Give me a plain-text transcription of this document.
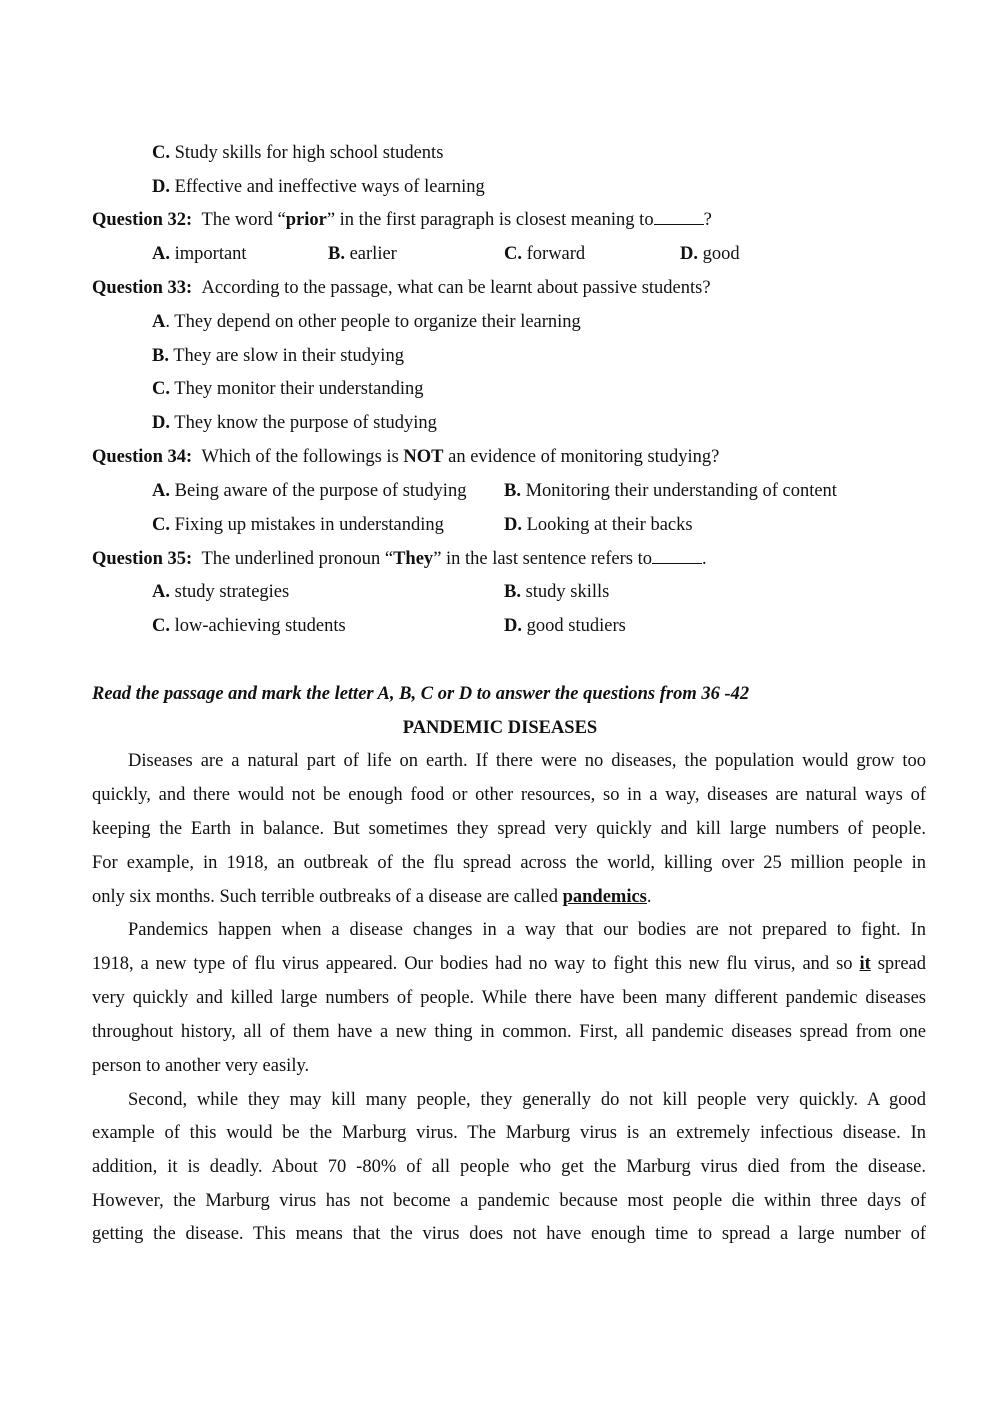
C. Study skills for high school students
D. Effective and ineffective ways of learning
Question 32: The word “prior” in the first paragraph is closest meaning to	?
A. important	B. earlier	C. forward	D. good
Question 33: According to the passage, what can be learnt about passive students?
A. They depend on other people to organize their learning
B. They are slow in their studying
C. They monitor their understanding
D. They know the purpose of studying
Question 34: Which of the followings is NOT an evidence of monitoring studying?
A. Being aware of the purpose of studying B. Monitoring their understanding of content
C. Fixing up mistakes in understanding	D. Looking at their backs
Question 35: The underlined pronoun “They” in the last sentence refers to	.
A. study strategies	B. study skills
C. low-achieving students	D. good studiers
Read the passage and mark the letter A, B, C or D to answer the questions from 36 -42
PANDEMIC DISEASES
Diseases are a natural part of life on earth. If there were no diseases, the population would grow too
quickly, and there would not be enough food or other resources, so in a way, diseases are natural ways of
keeping the Earth in balance. But sometimes they spread very quickly and kill large numbers of people.
For example, in 1918, an outbreak of the flu spread across the world, killing over 25 million people in
only six months. Such terrible outbreaks of a disease are called pandemics.
Pandemics happen when a disease changes in a way that our bodies are not prepared to fight. In
1918, a new type of flu virus appeared. Our bodies had no way to fight this new flu virus, and so it spread
very quickly and killed large numbers of people. While there have been many different pandemic diseases
throughout history, all of them have a new thing in common. First, all pandemic diseases spread from one
person to another very easily.
Second, while they may kill many people, they generally do not kill people very quickly. A good
example of this would be the Marburg virus. The Marburg virus is an extremely infectious disease. In
addition, it is deadly. About 70 -80% of all people who get the Marburg virus died from the disease.
However, the Marburg virus has not become a pandemic because most people die within three days of
getting the disease. This means that the virus does not have enough time to spread a large number of
